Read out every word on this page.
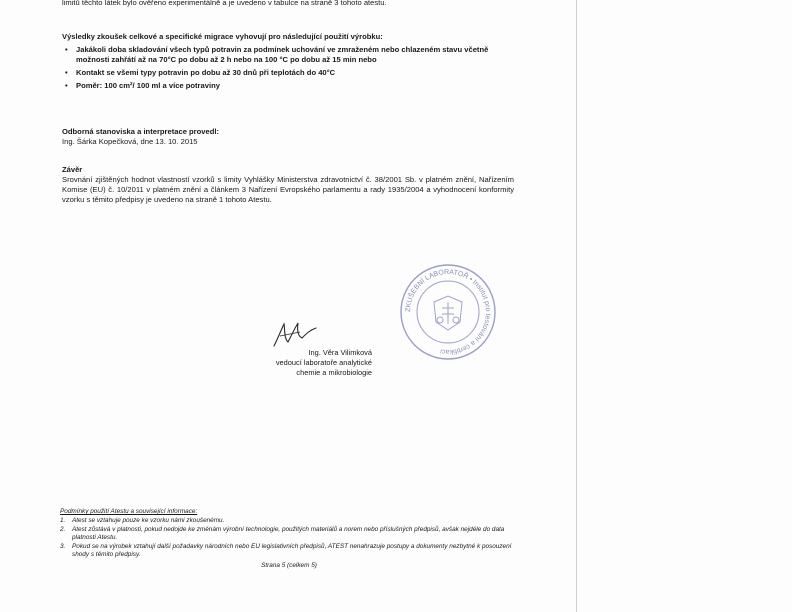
limitů těchto látek bylo ověřeno experimentálně a je uvedeno v tabulce na straně 3 tohoto atestu.
Výsledky zkoušek celkové a specifické migrace vyhovují pro následující použití výrobku:
• Jakákoli doba skladování všech typů potravin za podmínek uchování ve zmraženém nebo chlazeném stavu včetně možnosti zahřátí až na 70°C po dobu až 2 h nebo na 100 °C po dobu až 15 min nebo
• Kontakt se všemi typy potravin po dobu až 30 dnů při teplotách do 40°C
• Poměr: 100 cm²/ 100 ml a více potraviny
Odborná stanoviska a interpretace provedl:
Ing. Šárka Kopečková, dne 13. 10. 2015
Závěr
Srovnání zjištěných hodnot vlastností vzorků s limity Vyhlášky Ministerstva zdravotnictví č. 38/2001 Sb. v platném znění, Nařízením Komise (EU) č. 10/2011 v platném znění a článkem 3 Nařízení Evropského parlamentu a rady 1935/2004 a vyhodnocení konformity vzorku s těmito předpisy je uvedeno na straně 1 tohoto Atestu.
Ing. Věra Vilimková
vedoucí laboratoře analytické
chemie a mikrobiologie
ZKUŠEBNÍ LABORATOŘ • Institut pro testování a certifikaci
Podmínky použití Atestu a související informace:
1. Atest se vztahuje pouze ke vzorku námi zkoušenému.
2. Atest zůstává v platnosti, pokud nedojde ke změnám výrobní technologie, použitých materiálů a norem nebo příslušných předpisů, avšak nejdéle do data platnosti Atestu.
3. Pokud se na výrobek vztahují další požadavky národních nebo EU legislativních předpisů, ATEST nenahrazuje postupy a dokumenty nezbytné k posouzení shody s těmito předpisy.
Strana 5 (celkem 5)
